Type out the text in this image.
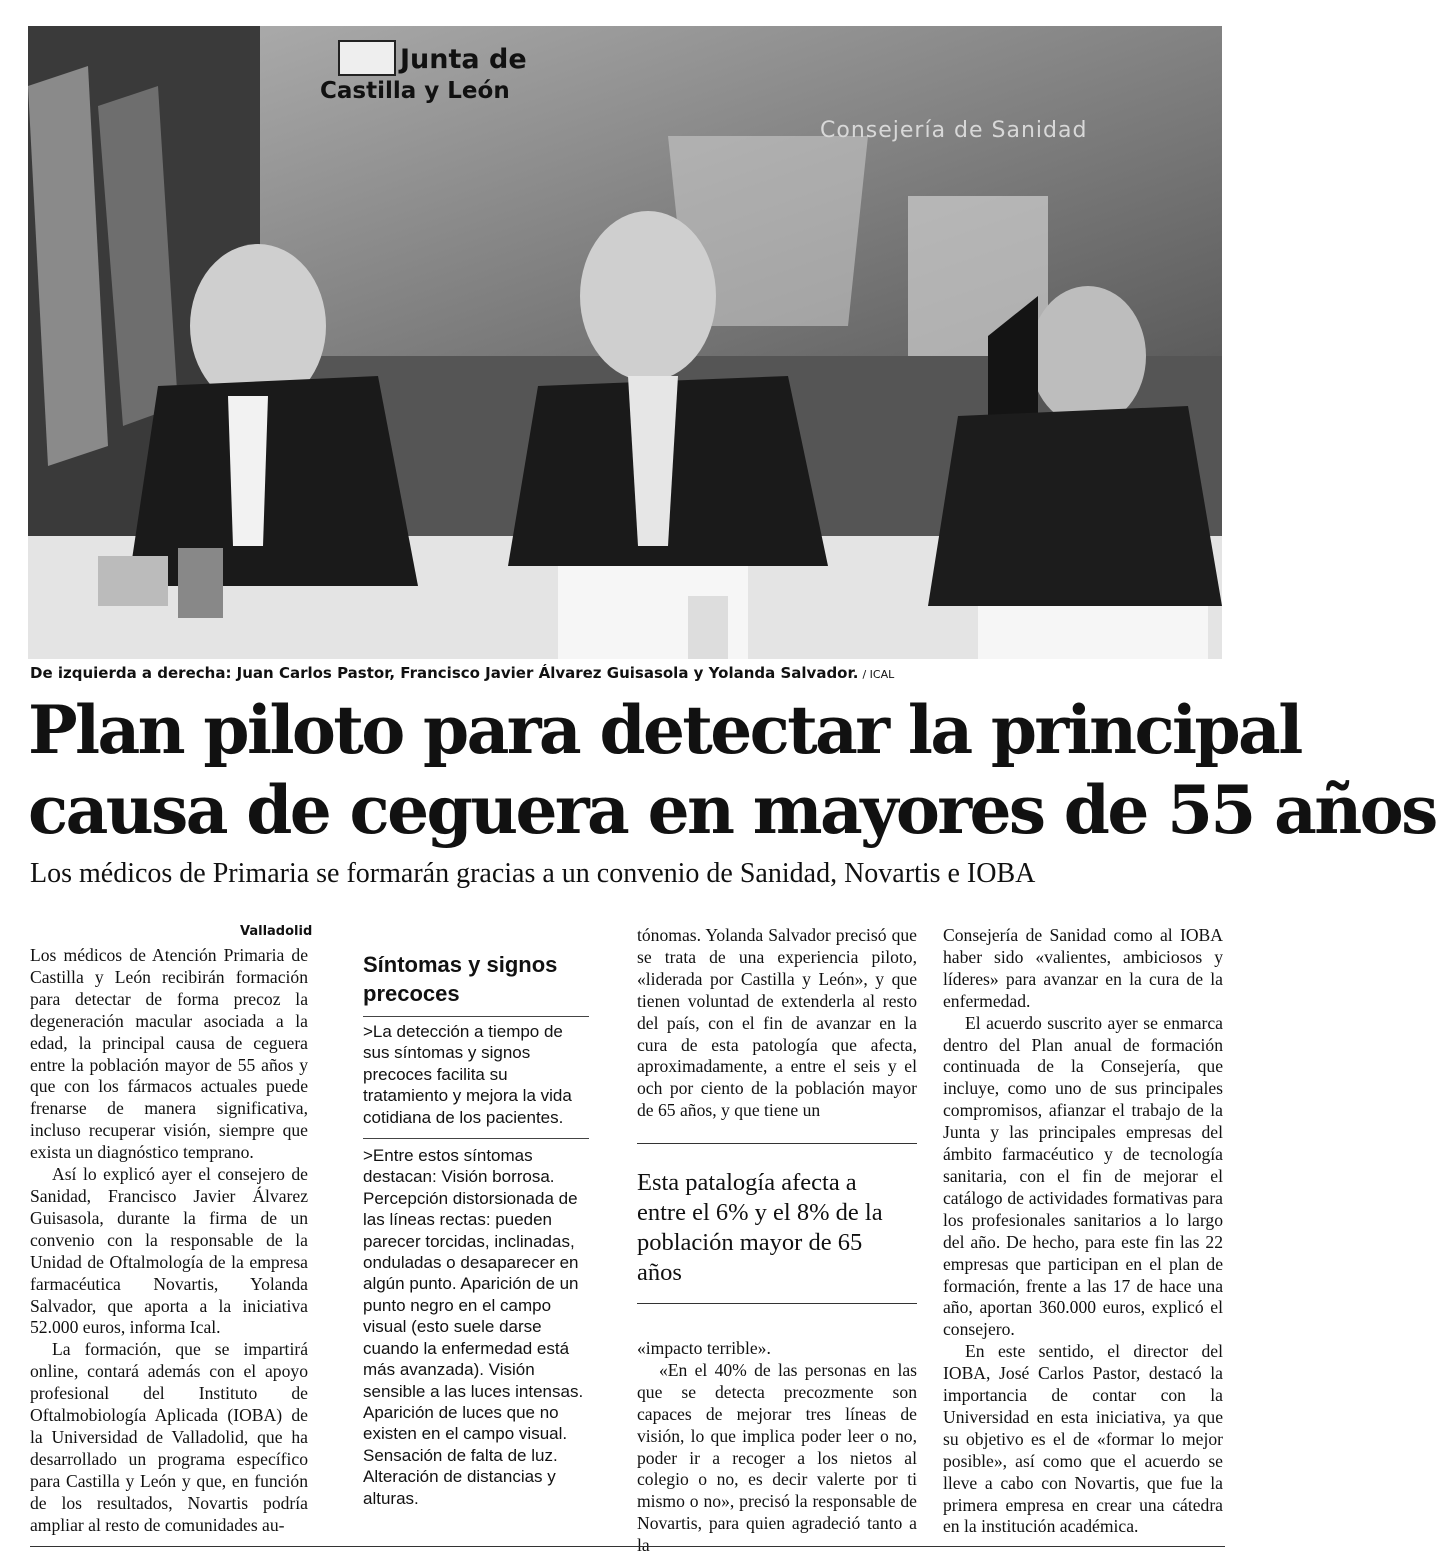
Junta de
Castilla y León
Consejería de Sanidad
De izquierda a derecha: Juan Carlos Pastor, Francisco Javier Álvarez Guisasola y Yolanda Salvador. / ICAL
Plan piloto para detectar la principal
causa de ceguera en mayores de 55 años
Los médicos de Primaria se formarán gracias a un convenio de Sanidad, Novartis e IOBA
Valladolid

Los médicos de Atención Primaria de Castilla y León recibirán formación para detectar de forma precoz la degeneración macular asociada a la edad, la principal causa de ceguera entre la población mayor de 55 años y que con los fármacos actuales puede frenarse de manera significativa, incluso recuperar visión, siempre que exista un diagnóstico temprano.

Así lo explicó ayer el consejero de Sanidad, Francisco Javier Álvarez Guisasola, durante la firma de un convenio con la responsable de la Unidad de Oftalmología de la empresa farmacéutica Novartis, Yolanda Salvador, que aporta a la iniciativa 52.000 euros, informa Ical.

La formación, que se impartirá online, contará además con el apoyo profesional del Instituto de Oftalmobiología Aplicada (IOBA) de la Universidad de Valladolid, que ha desarrollado un programa específico para Castilla y León y que, en función de los resultados, Novartis podría ampliar al resto de comunidades au-

Síntomas y signos precoces

>La detección a tiempo de sus síntomas y signos precoces facilita su tratamiento y mejora la vida cotidiana de los pacientes.

>Entre estos síntomas destacan: Visión borrosa. Percepción distorsionada de las líneas rectas: pueden parecer torcidas, inclinadas, onduladas o desaparecer en algún punto. Aparición de un punto negro en el campo visual (esto suele darse cuando la enfermedad está más avanzada). Visión sensible a las luces intensas. Aparición de luces que no existen en el campo visual. Sensación de falta de luz. Alteración de distancias y alturas.

tónomas. Yolanda Salvador precisó que se trata de una experiencia piloto, «liderada por Castilla y León», y que tienen voluntad de extenderla al resto del país, con el fin de avanzar en la cura de esta patología que afecta, aproximadamente, a entre el seis y el och por ciento de la población mayor de 65 años, y que tiene un

Esta patalogía afecta a entre el 6% y el 8% de la población mayor de 65 años

«impacto terrible».

«En el 40% de las personas en las que se detecta precozmente son capaces de mejorar tres líneas de visión, lo que implica poder leer o no, poder ir a recoger a los nietos al colegio o no, es decir valerte por ti mismo o no», precisó la responsable de Novartis, para quien agradeció tanto a la

Consejería de Sanidad como al IOBA haber sido «valientes, ambiciosos y líderes» para avanzar en la cura de la enfermedad.

El acuerdo suscrito ayer se enmarca dentro del Plan anual de formación continuada de la Consejería, que incluye, como uno de sus principales compromisos, afianzar el trabajo de la Junta y las principales empresas del ámbito farmacéutico y de tecnología sanitaria, con el fin de mejorar el catálogo de actividades formativas para los profesionales sanitarios a lo largo del año. De hecho, para este fin las 22 empresas que participan en el plan de formación, frente a las 17 de hace una año, aportan 360.000 euros, explicó el consejero.

En este sentido, el director del IOBA, José Carlos Pastor, destacó la importancia de contar con la Universidad en esta iniciativa, ya que su objetivo es el de «formar lo mejor posible», así como que el acuerdo se lleve a cabo con Novartis, que fue la primera empresa en crear una cátedra en la institución académica.
